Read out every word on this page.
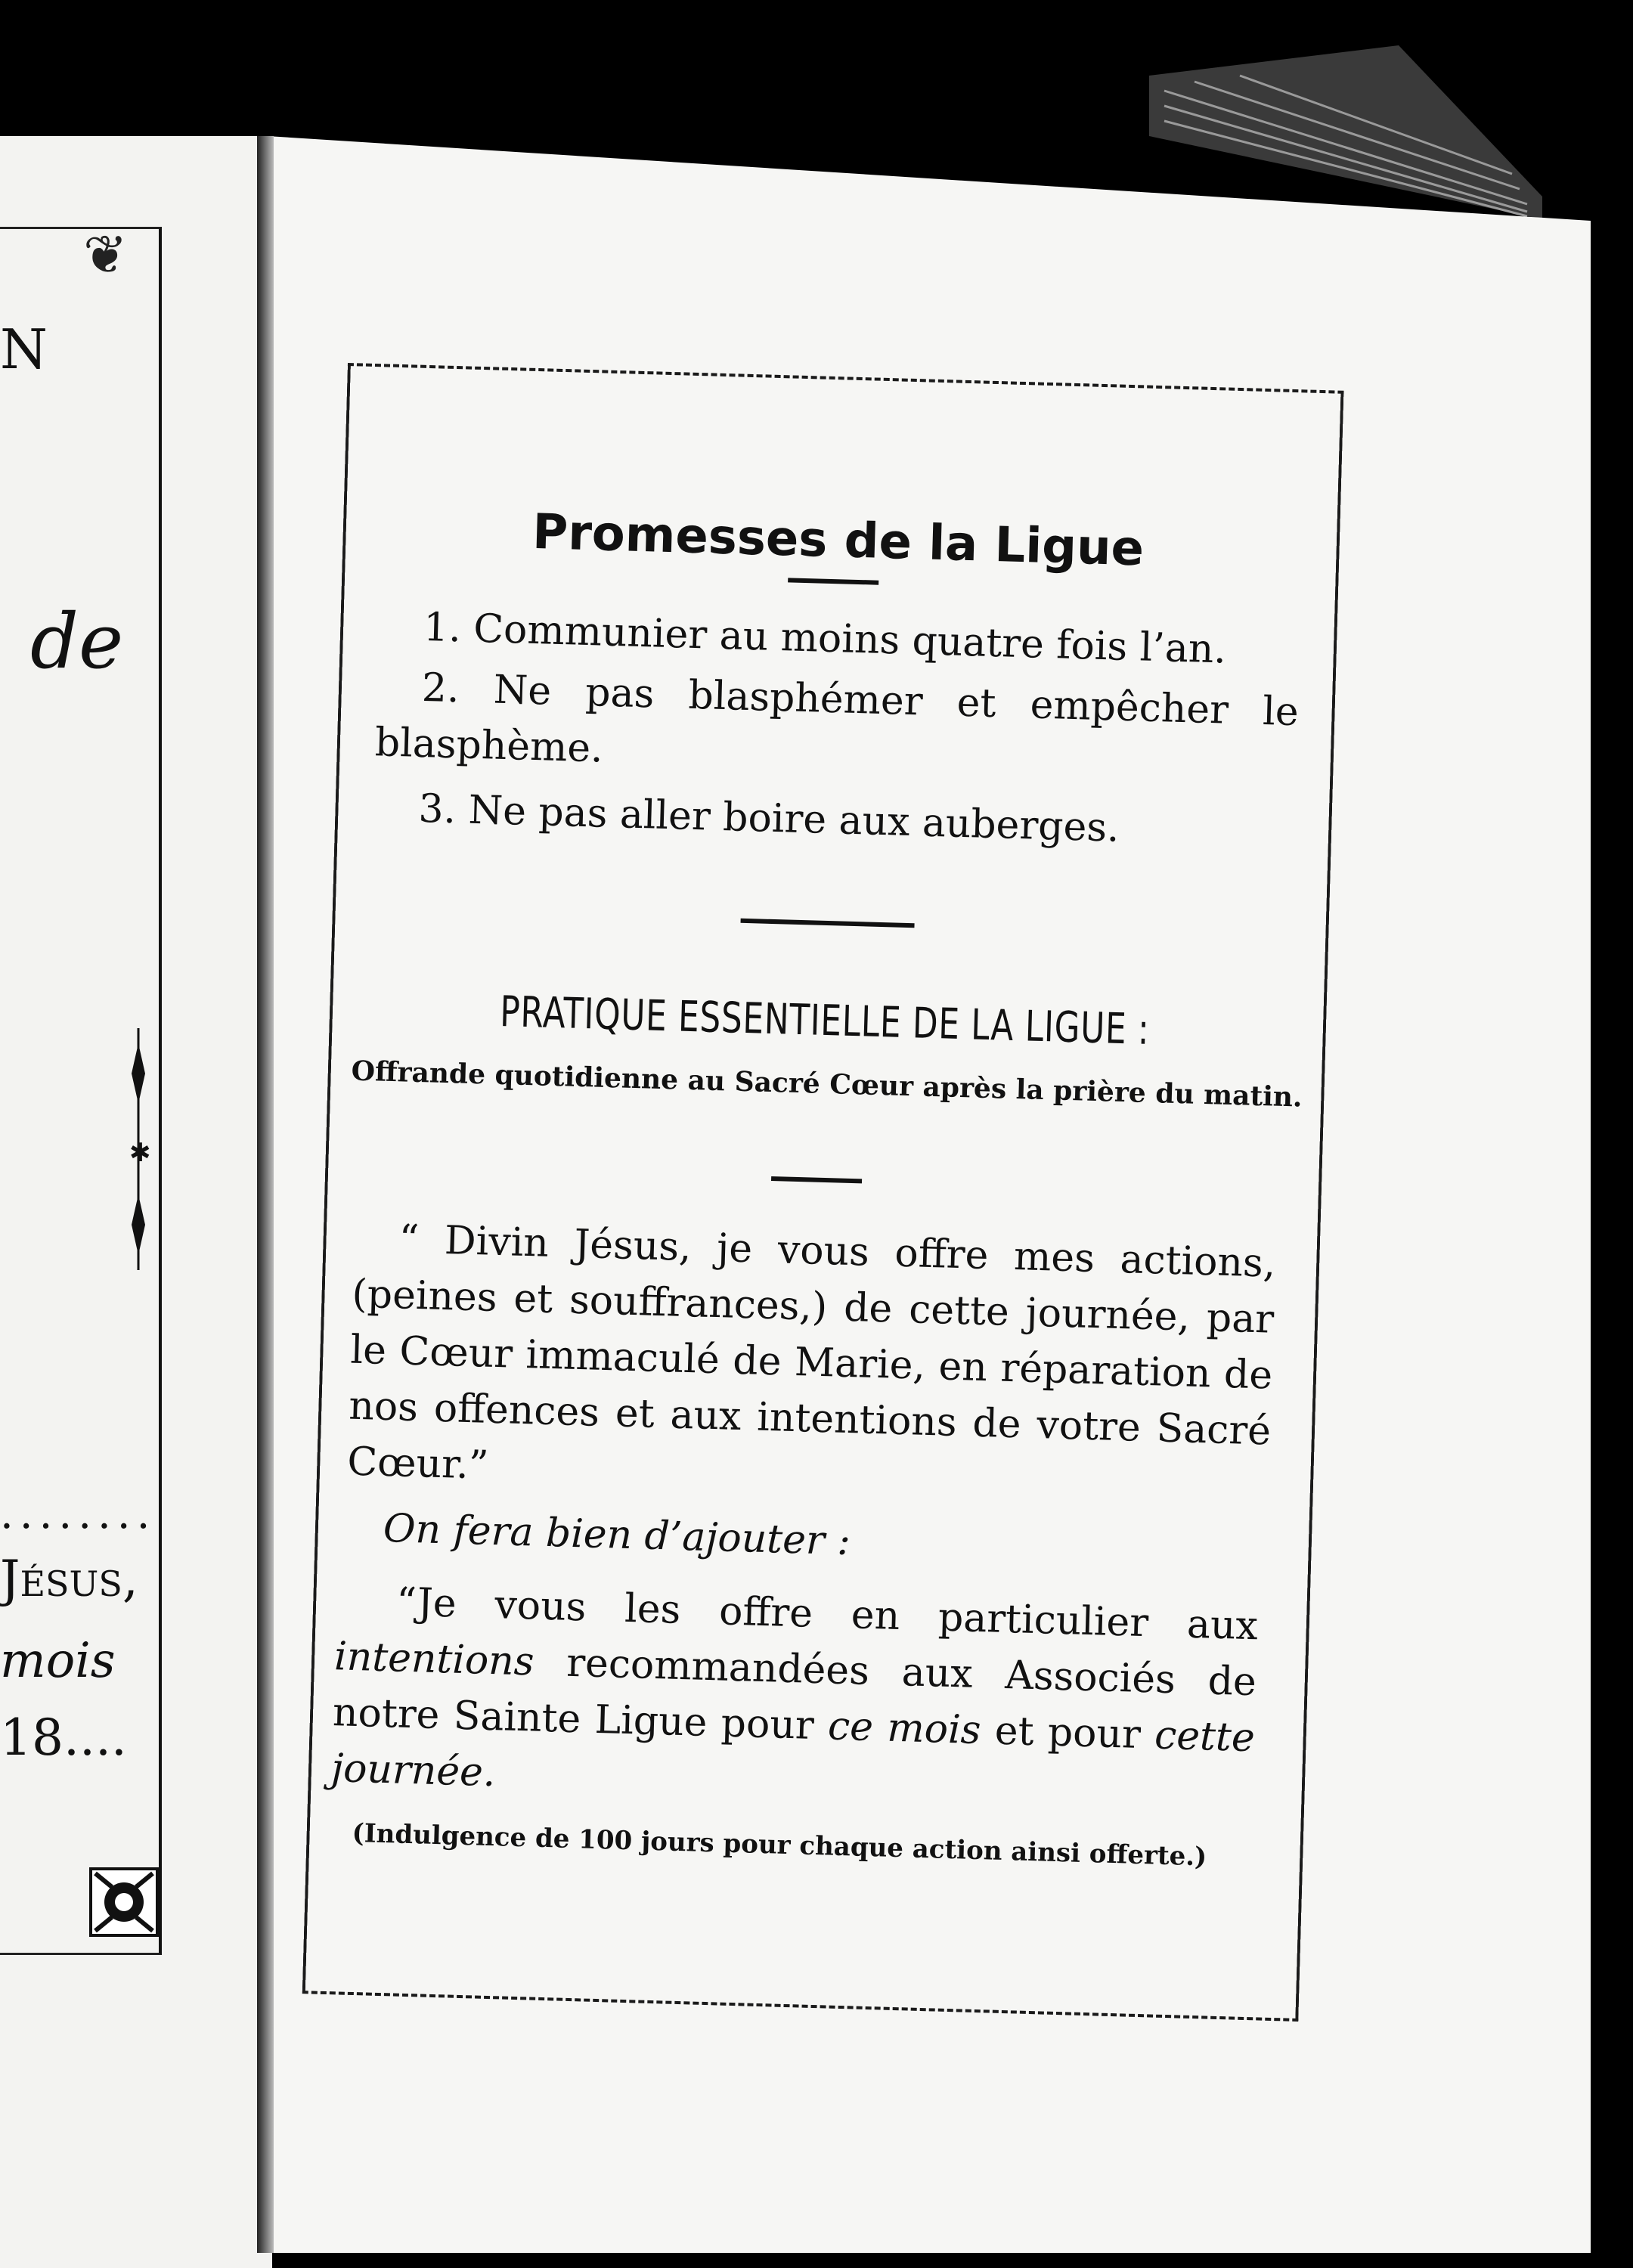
❦
N
de
✱
........
Jésus,
mois
18....
Promesses de la Ligue
1. Communier au moins quatre fois l’an.
2. Ne pas blasphémer et empêcher le blasphème.
3. Ne pas aller boire aux auberges.
PRATIQUE ESSENTIELLE DE LA LIGUE :
Offrande quotidienne au Sacré Cœur après la prière du matin.
“ Divin Jésus, je vous offre mes actions, (peines et souffrances,) de cette journée, par le Cœur immaculé de Marie, en réparation de nos offences et aux intentions de votre Sacré Cœur.”
On fera bien d’ajouter :
“Je vous les offre en particulier aux intentions recommandées aux Associés de notre Sainte Ligue pour ce mois et pour cette journée.
(Indulgence de 100 jours pour chaque action ainsi offerte.)
